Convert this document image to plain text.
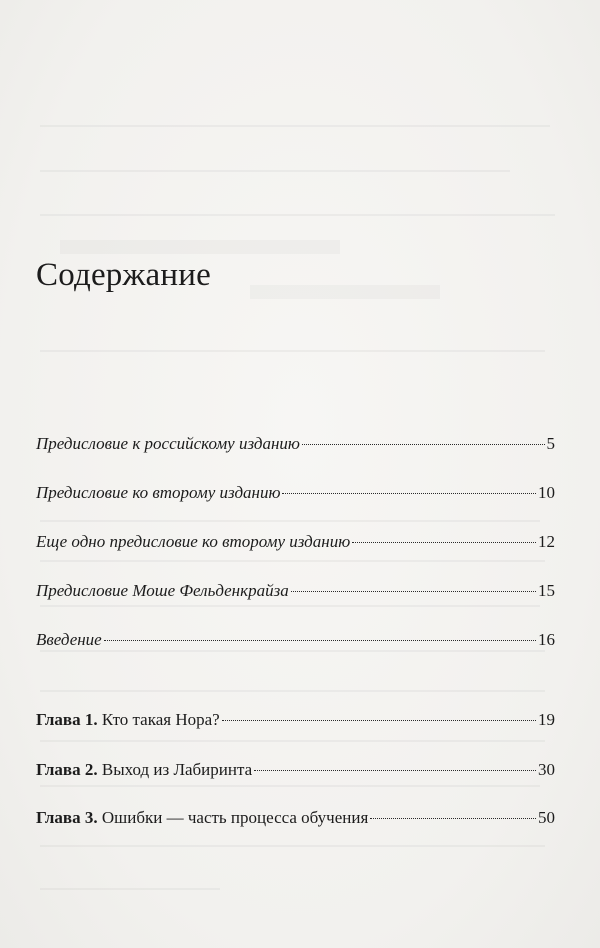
Содержание
Предисловие к российскому изданию	5
Предисловие ко второму изданию	10
Еще одно предисловие ко второму изданию	12
Предисловие Моше Фельденкрайза	15
Введение	16
Глава 1. Кто такая Нора?	19
Глава 2. Выход из Лабиринта	30
Глава 3. Ошибки — часть процесса обучения	50
